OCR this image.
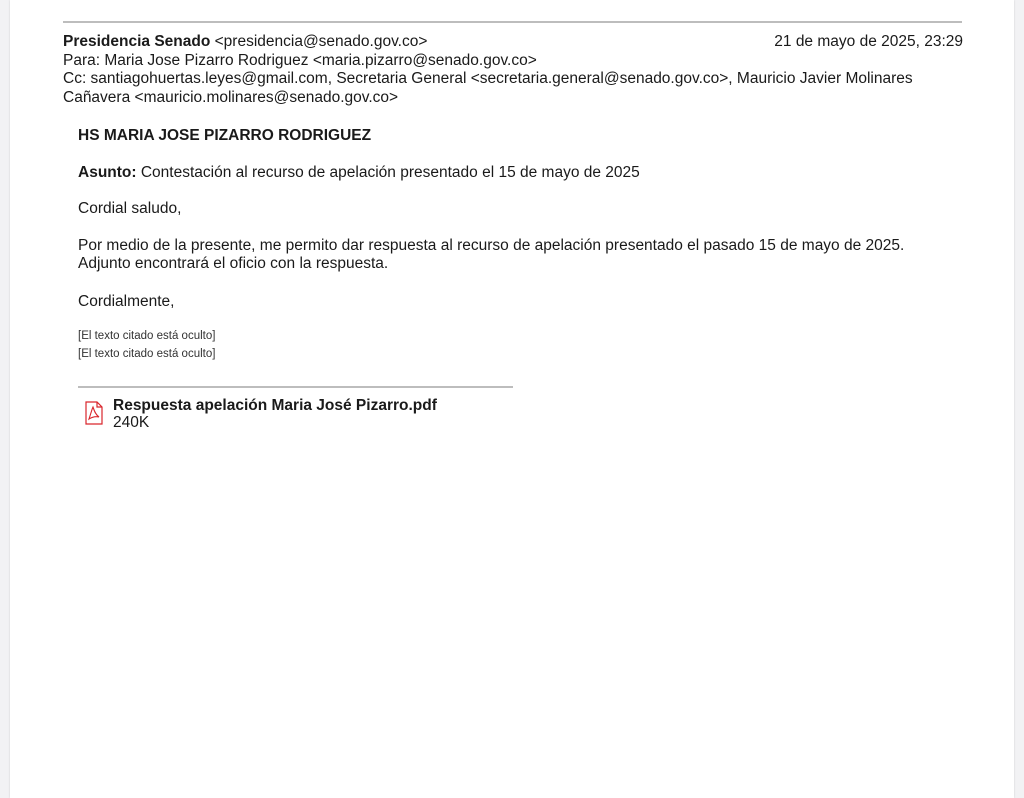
Presidencia Senado <presidencia@senado.gov.co>	21 de mayo de 2025, 23:29
Para: Maria Jose Pizarro Rodriguez <maria.pizarro@senado.gov.co>
Cc: santiagohuertas.leyes@gmail.com, Secretaria General <secretaria.general@senado.gov.co>, Mauricio Javier Molinares Cañavera <mauricio.molinares@senado.gov.co>
HS MARIA JOSE PIZARRO RODRIGUEZ
Asunto: Contestación al recurso de apelación presentado el 15 de mayo de 2025
Cordial saludo,
Por medio de la presente, me permito dar respuesta al recurso de apelación presentado el pasado 15 de mayo de 2025. Adjunto encontrará el oficio con la respuesta.
Cordialmente,
[El texto citado está oculto]
[El texto citado está oculto]
Respuesta apelación Maria José Pizarro.pdf
240K
